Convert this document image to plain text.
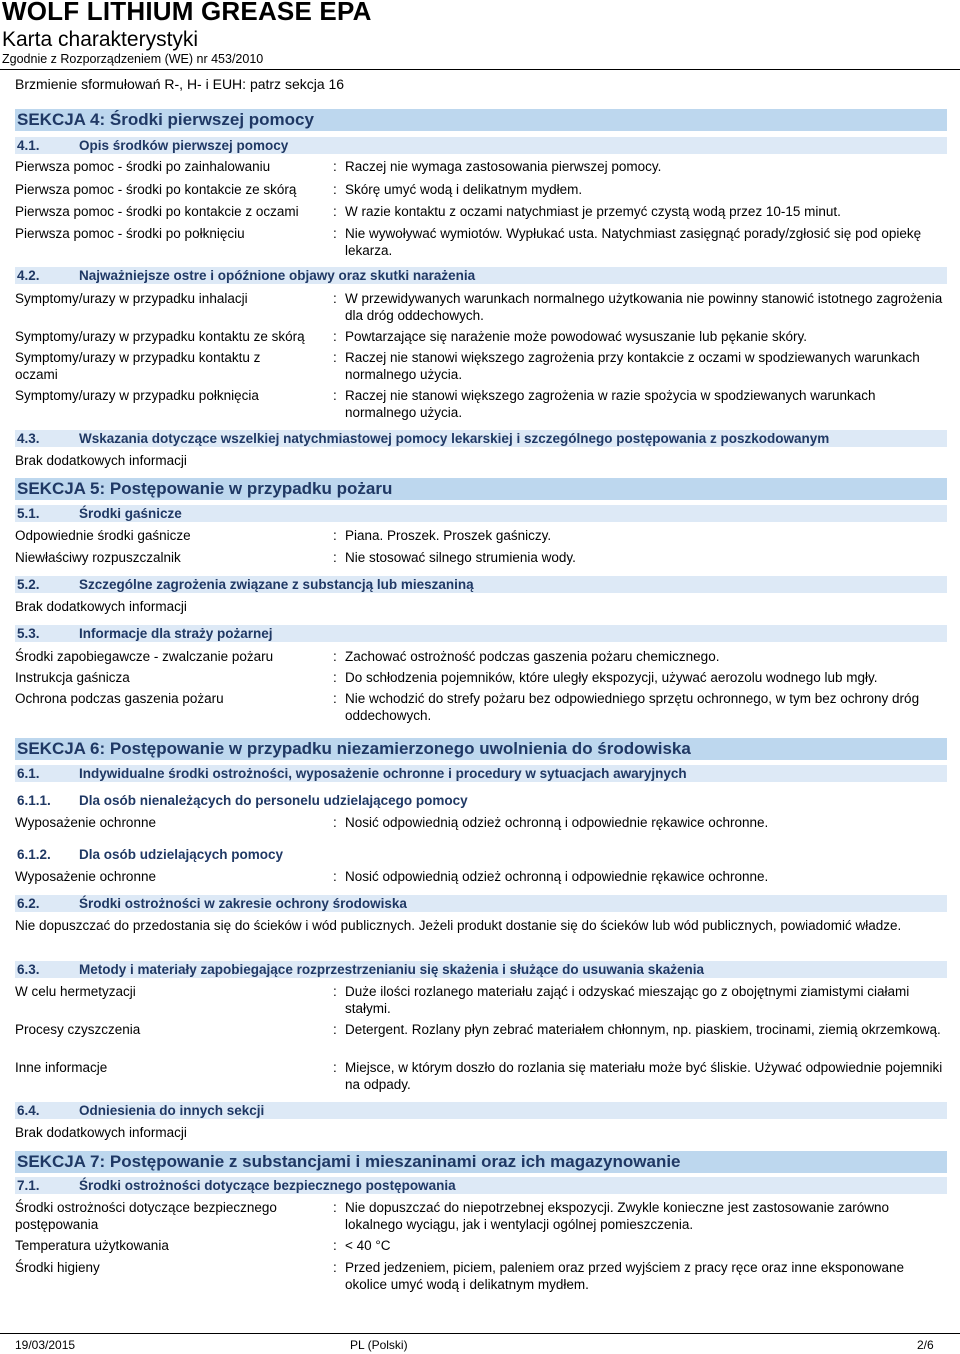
WOLF LITHIUM GREASE EPA
Karta charakterystyki
Zgodnie z Rozporządzeniem (WE) nr 453/2010
Brzmienie sformułowań R-, H- i EUH: patrz sekcja 16
SEKCJA 4: Środki pierwszej pomocy
4.1.	Opis środków pierwszej pomocy
Pierwsza pomoc - środki po zainhalowaniu	: Raczej nie wymaga zastosowania pierwszej pomocy.
Pierwsza pomoc - środki po kontakcie ze skórą	: Skórę umyć wodą i delikatnym mydłem.
Pierwsza pomoc - środki po kontakcie z oczami	: W razie kontaktu z oczami natychmiast je przemyć czystą wodą przez 10-15 minut.
Pierwsza pomoc - środki po połknięciu	: Nie wywoływać wymiotów. Wypłukać usta. Natychmiast zasięgnąć porady/zgłosić się pod opiekę lekarza.
4.2.	Najważniejsze ostre i opóźnione objawy oraz skutki narażenia
Symptomy/urazy w przypadku inhalacji	: W przewidywanych warunkach normalnego użytkowania nie powinny stanowić istotnego zagrożenia dla dróg oddechowych.
Symptomy/urazy w przypadku kontaktu ze skórą	: Powtarzające się narażenie może powodować wysuszanie lub pękanie skóry.
Symptomy/urazy w przypadku kontaktu z oczami
: Raczej nie stanowi większego zagrożenia przy kontakcie z oczami w spodziewanych warunkach normalnego użycia.
Symptomy/urazy w przypadku połknięcia	: Raczej nie stanowi większego zagrożenia w razie spożycia w spodziewanych warunkach normalnego użycia.
4.3.	Wskazania dotyczące wszelkiej natychmiastowej pomocy lekarskiej i szczególnego postępowania z poszkodowanym
Brak dodatkowych informacji
SEKCJA 5: Postępowanie w przypadku pożaru
5.1.	Środki gaśnicze
Odpowiednie środki gaśnicze	: Piana. Proszek. Proszek gaśniczy.
Niewłaściwy rozpuszczalnik	: Nie stosować silnego strumienia wody.
5.2.	Szczególne zagrożenia związane z substancją lub mieszaniną
Brak dodatkowych informacji
5.3.	Informacje dla straży pożarnej
Środki zapobiegawcze - zwalczanie pożaru	: Zachować ostrożność podczas gaszenia pożaru chemicznego.
Instrukcja gaśnicza	: Do schłodzenia pojemników, które uległy ekspozycji, używać aerozolu wodnego lub mgły.
Ochrona podczas gaszenia pożaru	: Nie wchodzić do strefy pożaru bez odpowiedniego sprzętu ochronnego, w tym bez ochrony dróg oddechowych.
SEKCJA 6: Postępowanie w przypadku niezamierzonego uwolnienia do środowiska
6.1.	Indywidualne środki ostrożności, wyposażenie ochronne i procedury w sytuacjach awaryjnych
6.1.1. Dla osób nienależących do personelu udzielającego pomocy
Wyposażenie ochronne	: Nosić odpowiednią odzież ochronną i odpowiednie rękawice ochronne.
6.1.2. Dla osób udzielających pomocy
Wyposażenie ochronne	: Nosić odpowiednią odzież ochronną i odpowiednie rękawice ochronne.
6.2.	Środki ostrożności w zakresie ochrony środowiska
Nie dopuszczać do przedostania się do ścieków i wód publicznych. Jeżeli produkt dostanie się do ścieków lub wód publicznych, powiadomić władze.
6.3.	Metody i materiały zapobiegające rozprzestrzenianiu się skażenia i służące do usuwania skażenia
W celu hermetyzacji	: Duże ilości rozlanego materiału zająć i odzyskać mieszając go z obojętnymi ziamistymi ciałami stałymi.
Procesy czyszczenia	: Detergent. Rozlany płyn zebrać materiałem chłonnym, np. piaskiem, trocinami, ziemią okrzemkową.
Inne informacje	: Miejsce, w którym doszło do rozlania się materiału może być śliskie. Używać odpowiednie pojemniki na odpady.
6.4.	Odniesienia do innych sekcji
Brak dodatkowych informacji
SEKCJA 7: Postępowanie z substancjami i mieszaninami oraz ich magazynowanie
7.1.	Środki ostrożności dotyczące bezpiecznego postępowania
Środki ostrożności dotyczące bezpiecznego postępowania
: Nie dopuszczać do niepotrzebnej ekspozycji. Zwykle konieczne jest zastosowanie zarówno lokalnego wyciągu, jak i wentylacji ogólnej pomieszczenia.
Temperatura użytkowania	: < 40 °C
Środki higieny	: Przed jedzeniem, piciem, paleniem oraz przed wyjściem z pracy ręce oraz inne eksponowane okolice umyć wodą i delikatnym mydłem.
19/03/2015	PL (Polski)	2/6
